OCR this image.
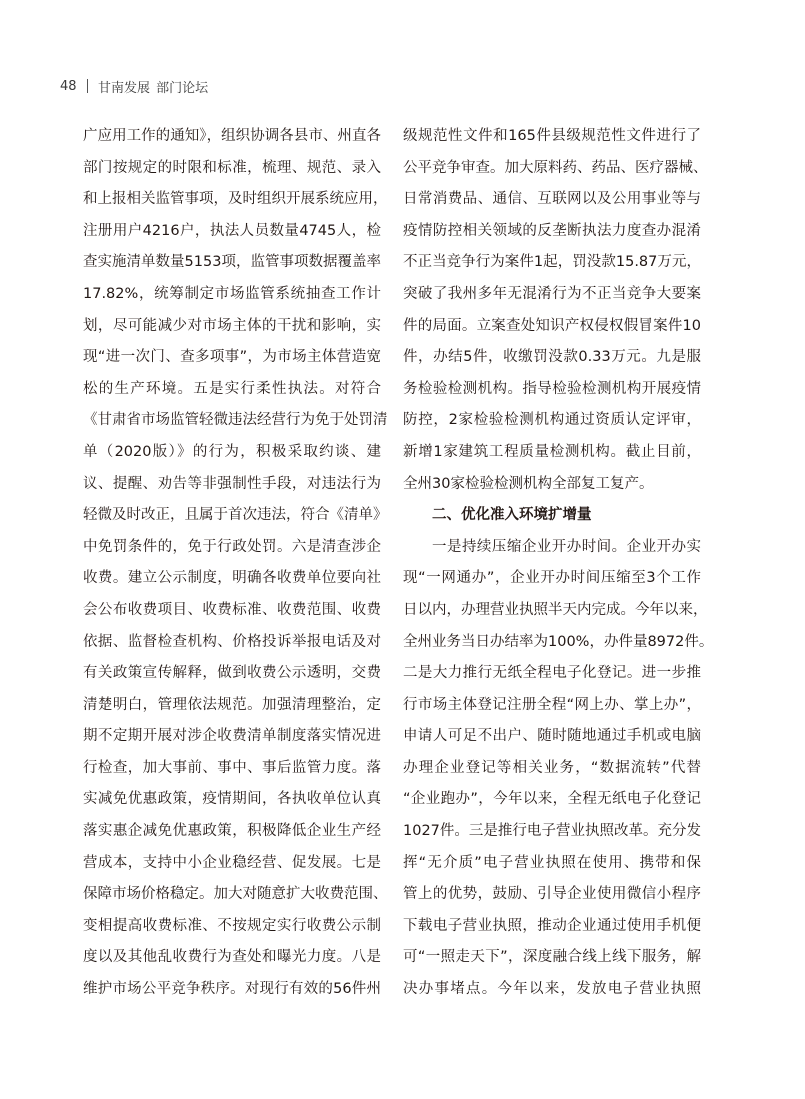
48 甘南发展 部门论坛
广应用工作的通知》，组织协调各县市、州直各
部门按规定的时限和标准，梳理、规范、录入
和上报相关监管事项，及时组织开展系统应用，
注册用户4216户，执法人员数量4745人，检
查实施清单数量5153项，监管事项数据覆盖率
17.82%，统筹制定市场监管系统抽查工作计
划，尽可能减少对市场主体的干扰和影响，实
现“进一次门、查多项事”，为市场主体营造宽
松的生产环境。五是实行柔性执法。对符合
《甘肃省市场监管轻微违法经营行为免于处罚清
单（2020版）》的行为，积极采取约谈、建
议、提醒、劝告等非强制性手段，对违法行为
轻微及时改正，且属于首次违法，符合《清单》
中免罚条件的，免于行政处罚。六是清查涉企
收费。建立公示制度，明确各收费单位要向社
会公布收费项目、收费标准、收费范围、收费
依据、监督检查机构、价格投诉举报电话及对
有关政策宣传解释，做到收费公示透明，交费
清楚明白，管理依法规范。加强清理整治，定
期不定期开展对涉企收费清单制度落实情况进
行检查，加大事前、事中、事后监管力度。落
实减免优惠政策，疫情期间，各执收单位认真
落实惠企减免优惠政策，积极降低企业生产经
营成本，支持中小企业稳经营、促发展。七是
保障市场价格稳定。加大对随意扩大收费范围、
变相提高收费标准、不按规定实行收费公示制
度以及其他乱收费行为查处和曝光力度。八是
维护市场公平竞争秩序。对现行有效的56件州
级规范性文件和165件县级规范性文件进行了
公平竞争审查。加大原料药、药品、医疗器械、
日常消费品、通信、互联网以及公用事业等与
疫情防控相关领域的反垄断执法力度查办混淆
不正当竞争行为案件1起，罚没款15.87万元，
突破了我州多年无混淆行为不正当竞争大要案
件的局面。立案查处知识产权侵权假冒案件10
件，办结5件，收缴罚没款0.33万元。九是服
务检验检测机构。指导检验检测机构开展疫情
防控，2家检验检测机构通过资质认定评审，
新增1家建筑工程质量检测机构。截止目前，
全州30家检验检测机构全部复工复产。
二、优化准入环境扩增量
一是持续压缩企业开办时间。企业开办实
现“一网通办”，企业开办时间压缩至3个工作
日以内，办理营业执照半天内完成。今年以来，
全州业务当日办结率为100%，办件量8972件。
二是大力推行无纸全程电子化登记。进一步推
行市场主体登记注册全程“网上办、掌上办”，
申请人可足不出户、随时随地通过手机或电脑
办理企业登记等相关业务，“数据流转”代替
“企业跑办”，今年以来，全程无纸电子化登记
1027件。三是推行电子营业执照改革。充分发
挥“无介质”电子营业执照在使用、携带和保
管上的优势，鼓励、引导企业使用微信小程序
下载电子营业执照，推动企业通过使用手机便
可“一照走天下”，深度融合线上线下服务，解
决办事堵点。今年以来，发放电子营业执照
